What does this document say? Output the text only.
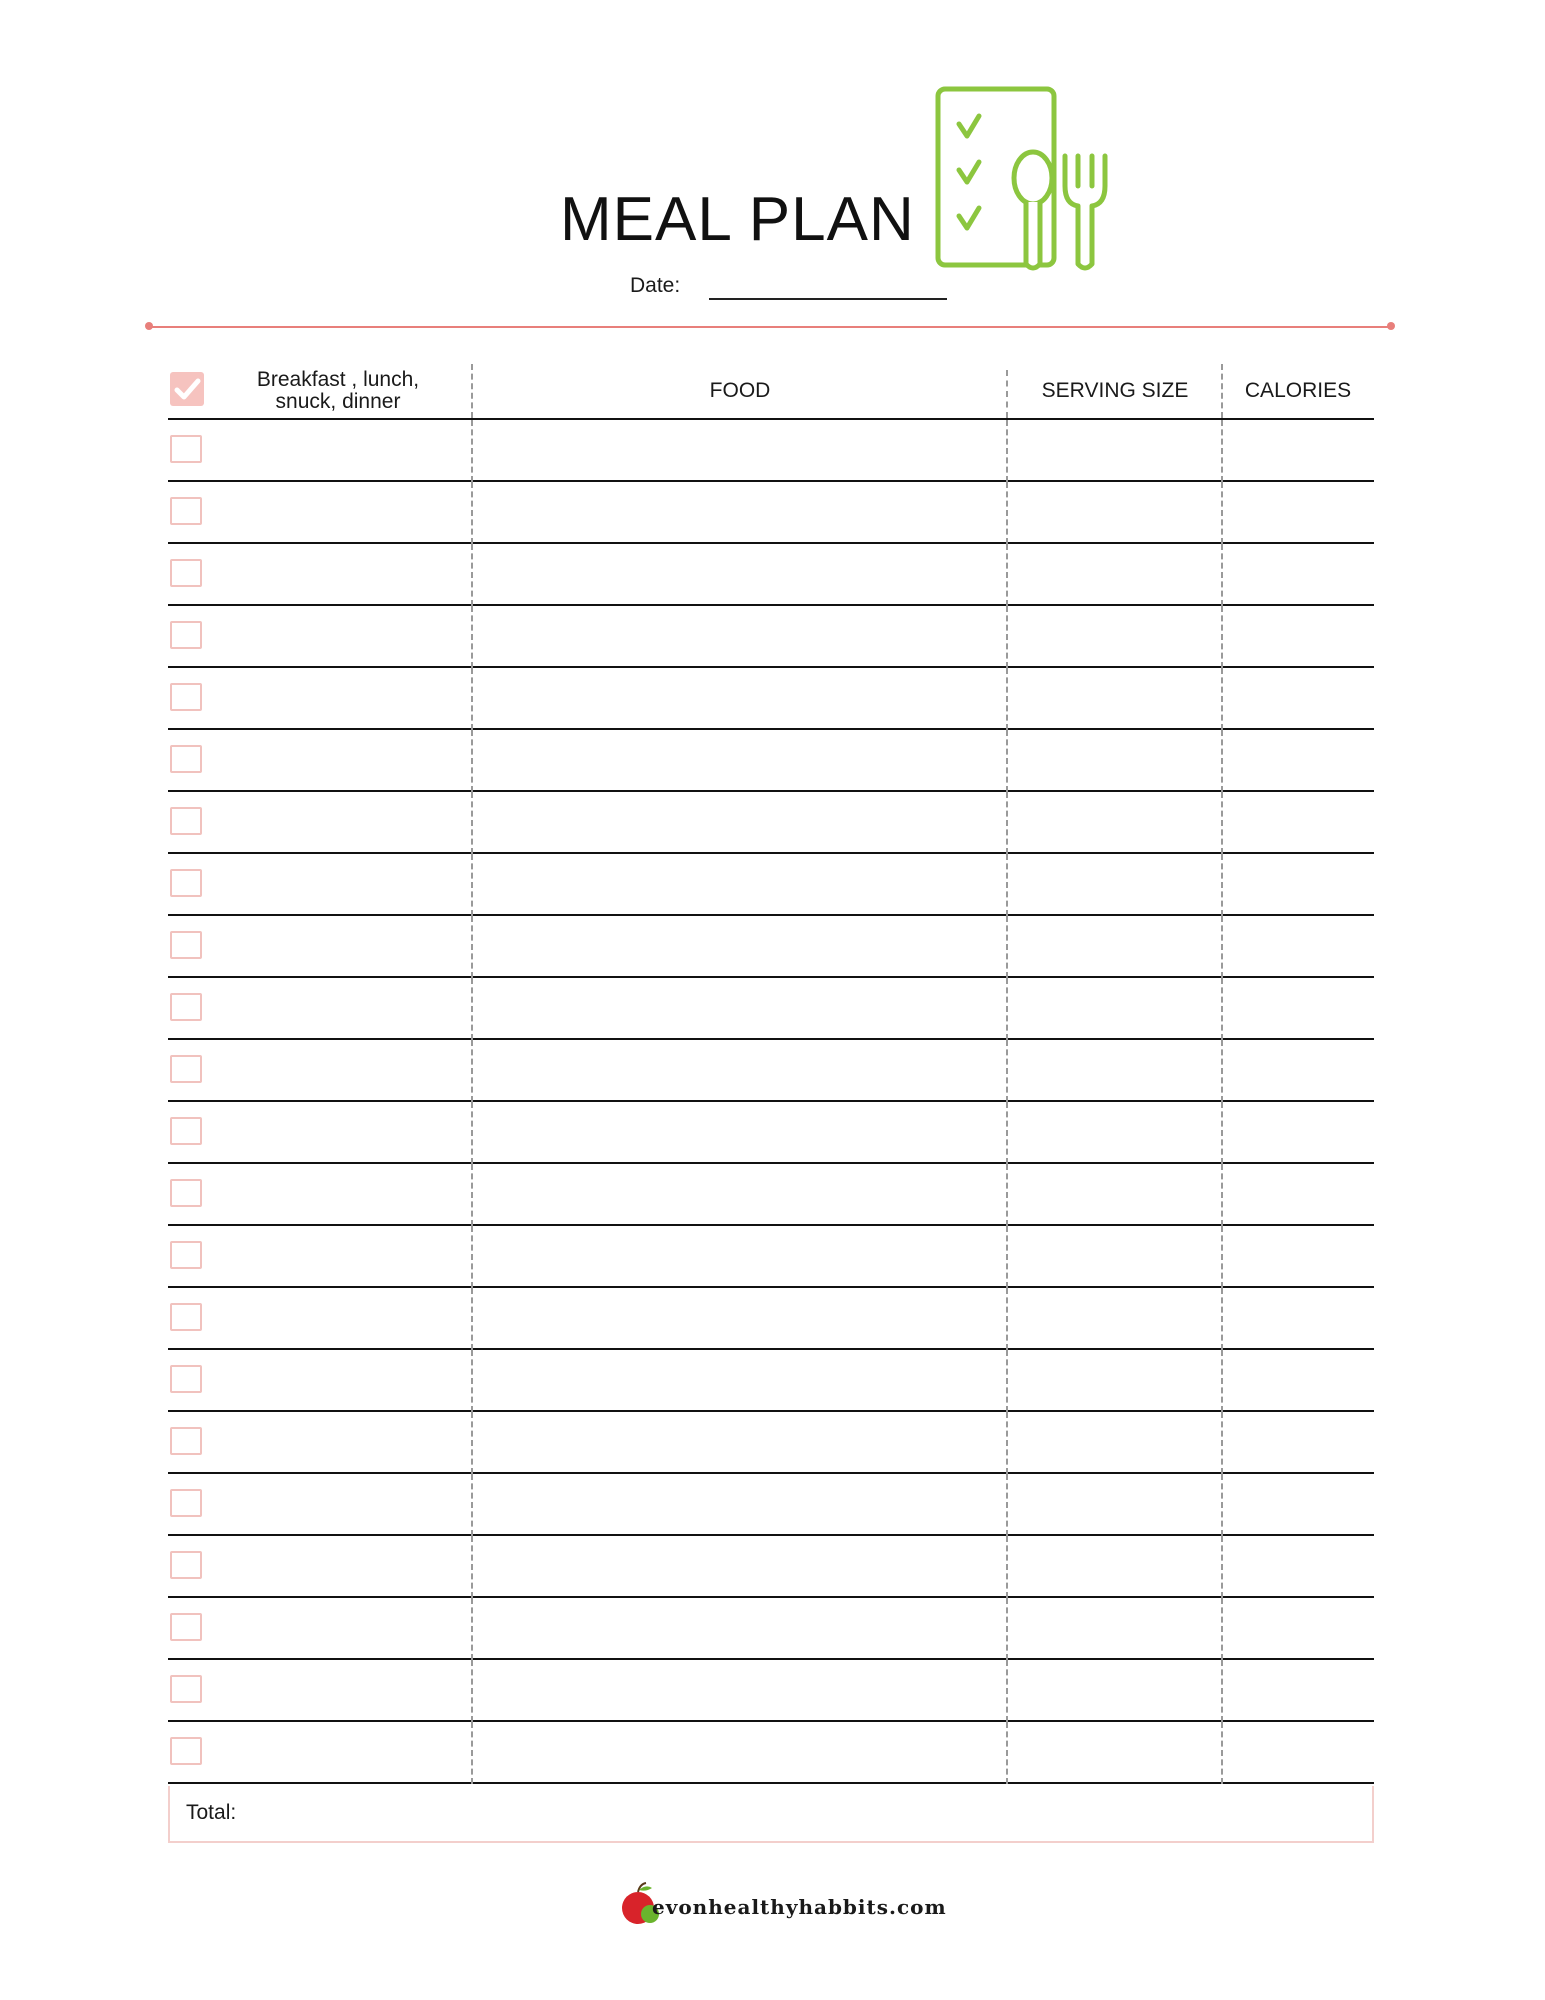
MEAL PLAN
Date:
Breakfast , lunch,
snuck, dinner	FOOD	SERVING SIZE	CALORIES
Total:
evonhealthyhabbits.com
